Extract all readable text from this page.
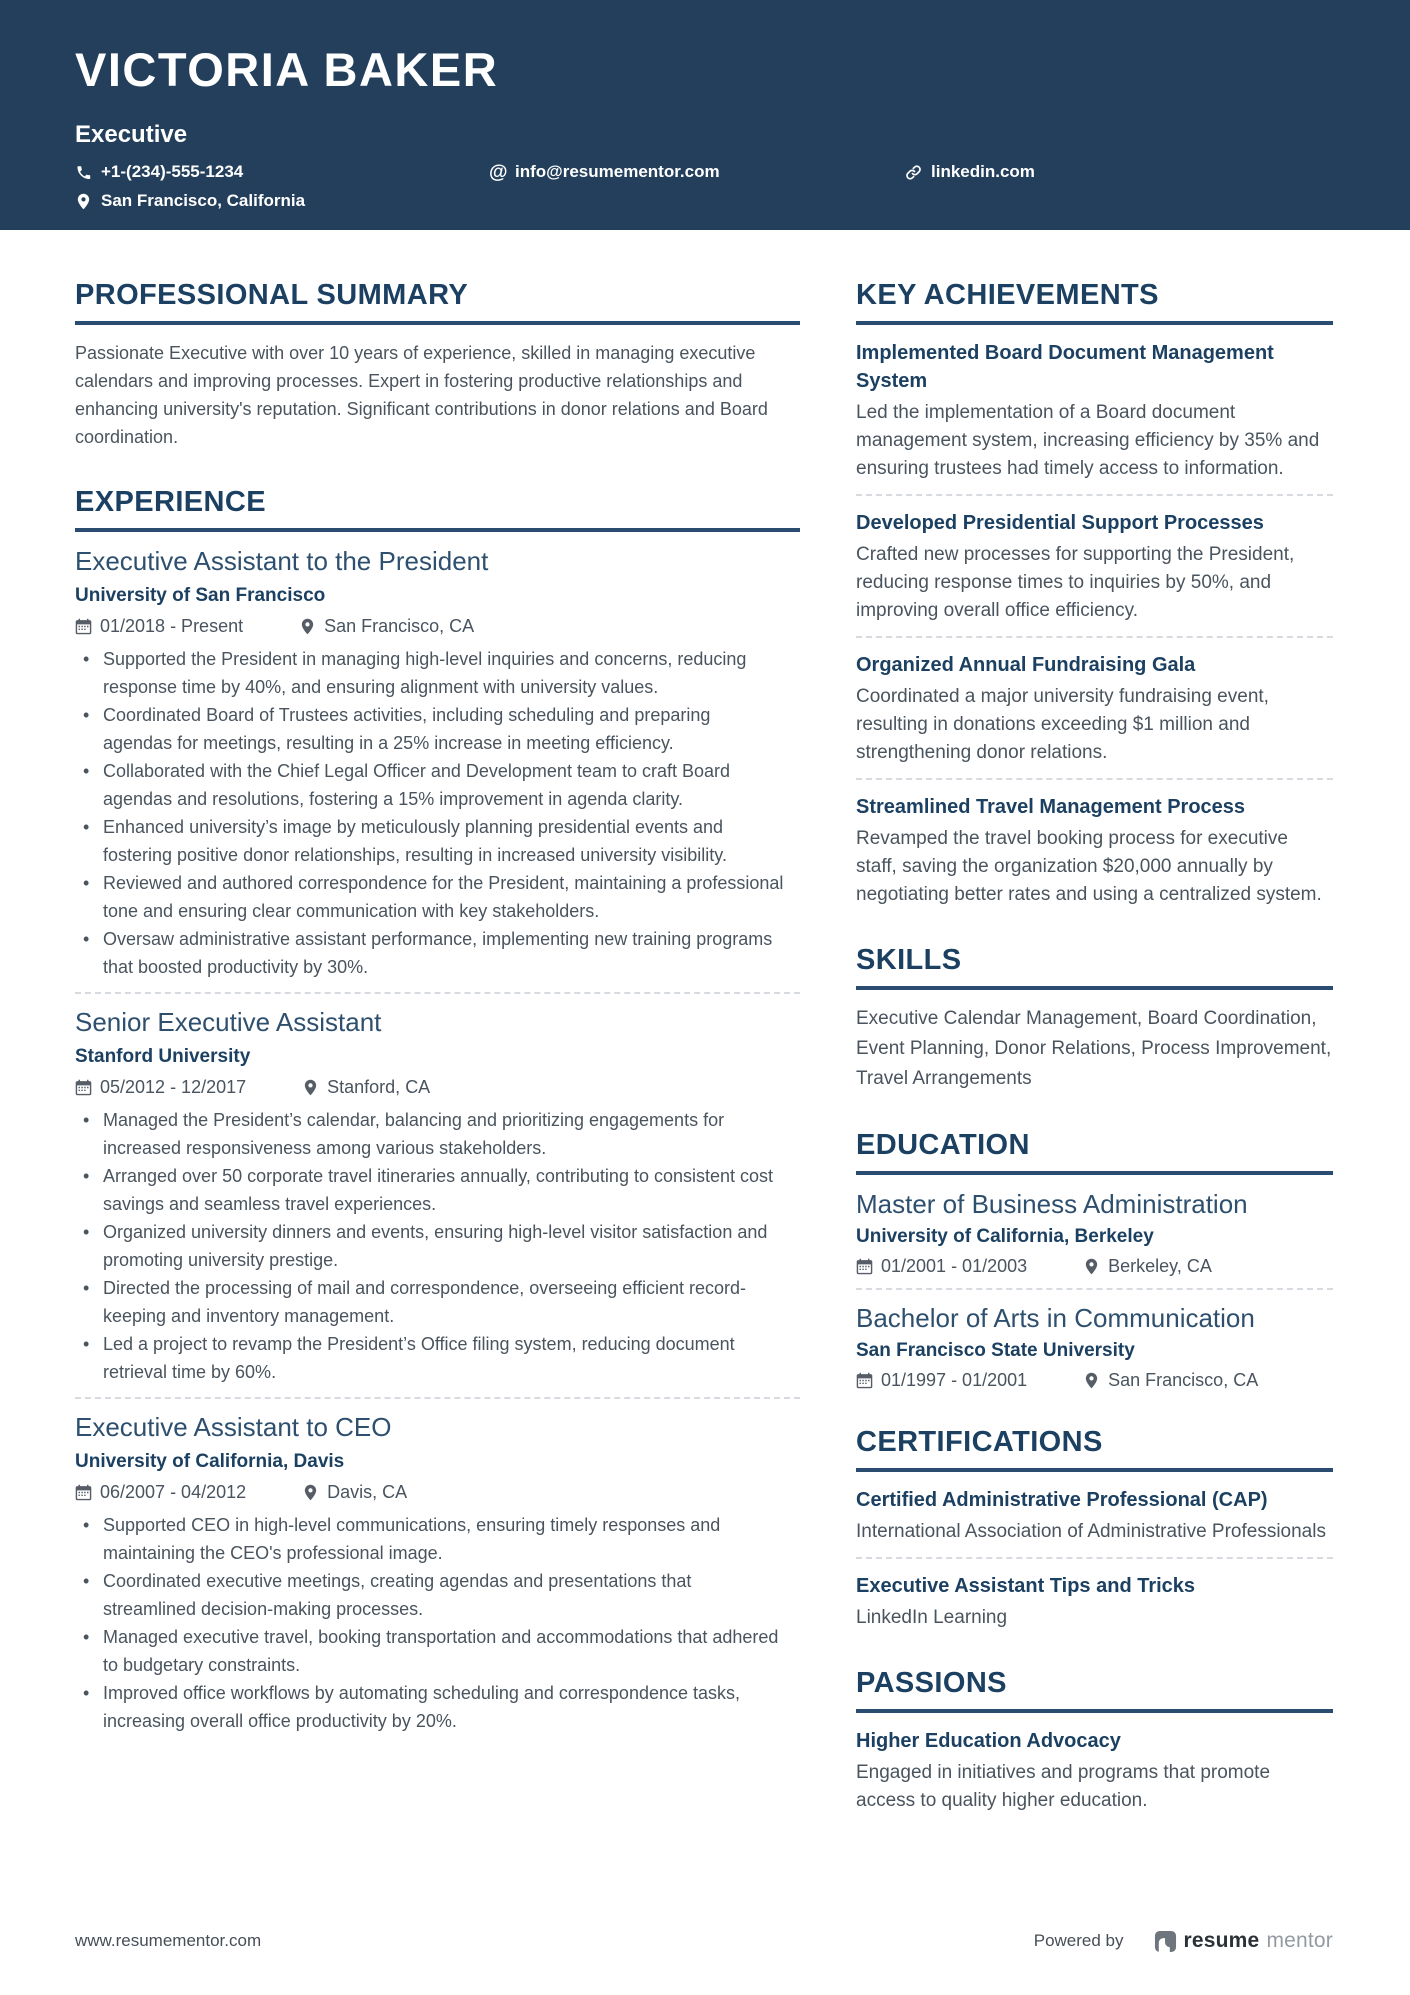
VICTORIA BAKER
Executive
+1-(234)-555-1234	@ info@resumementor.com	linkedin.com
San Francisco, California
PROFESSIONAL SUMMARY

Passionate Executive with over 10 years of experience, skilled in managing executive calendars and improving processes. Expert in fostering productive relationships and enhancing university's reputation. Significant contributions in donor relations and Board coordination.

EXPERIENCE
Executive Assistant to the President
University of San Francisco
01/2018 - Present	San Francisco, CA
• Supported the President in managing high-level inquiries and concerns, reducing response time by 40%, and ensuring alignment with university values.
• Coordinated Board of Trustees activities, including scheduling and preparing agendas for meetings, resulting in a 25% increase in meeting efficiency.
• Collaborated with the Chief Legal Officer and Development team to craft Board agendas and resolutions, fostering a 15% improvement in agenda clarity.
• Enhanced university’s image by meticulously planning presidential events and fostering positive donor relationships, resulting in increased university visibility.
• Reviewed and authored correspondence for the President, maintaining a professional tone and ensuring clear communication with key stakeholders.
• Oversaw administrative assistant performance, implementing new training programs that boosted productivity by 30%.
Senior Executive Assistant
Stanford University
05/2012 - 12/2017	Stanford, CA
• Managed the President’s calendar, balancing and prioritizing engagements for increased responsiveness among various stakeholders.
• Arranged over 50 corporate travel itineraries annually, contributing to consistent cost savings and seamless travel experiences.
• Organized university dinners and events, ensuring high-level visitor satisfaction and promoting university prestige.
• Directed the processing of mail and correspondence, overseeing efficient record-keeping and inventory management.
• Led a project to revamp the President’s Office filing system, reducing document retrieval time by 60%.
Executive Assistant to CEO
University of California, Davis
06/2007 - 04/2012	Davis, CA
• Supported CEO in high-level communications, ensuring timely responses and maintaining the CEO's professional image.
• Coordinated executive meetings, creating agendas and presentations that streamlined decision-making processes.
• Managed executive travel, booking transportation and accommodations that adhered to budgetary constraints.
• Improved office workflows by automating scheduling and correspondence tasks, increasing overall office productivity by 20%.
KEY ACHIEVEMENTS
Implemented Board Document Management System

Led the implementation of a Board document management system, increasing efficiency by 35% and ensuring trustees had timely access to information.

Developed Presidential Support Processes

Crafted new processes for supporting the President, reducing response times to inquiries by 50%, and improving overall office efficiency.

Organized Annual Fundraising Gala

Coordinated a major university fundraising event, resulting in donations exceeding $1 million and strengthening donor relations.

Streamlined Travel Management Process

Revamped the travel booking process for executive staff, saving the organization $20,000 annually by negotiating better rates and using a centralized system.

SKILLS

Executive Calendar Management, Board Coordination, Event Planning, Donor Relations, Process Improvement, Travel Arrangements

EDUCATION
Master of Business Administration
University of California, Berkeley
01/2001 - 01/2003	Berkeley, CA
Bachelor of Arts in Communication
San Francisco State University
01/1997 - 01/2001	San Francisco, CA
CERTIFICATIONS
Certified Administrative Professional (CAP)

International Association of Administrative Professionals

Executive Assistant Tips and Tricks

LinkedIn Learning

PASSIONS
Higher Education Advocacy

Engaged in initiatives and programs that promote access to quality higher education.

www.resumementor.com	Powered by	resume mentor
